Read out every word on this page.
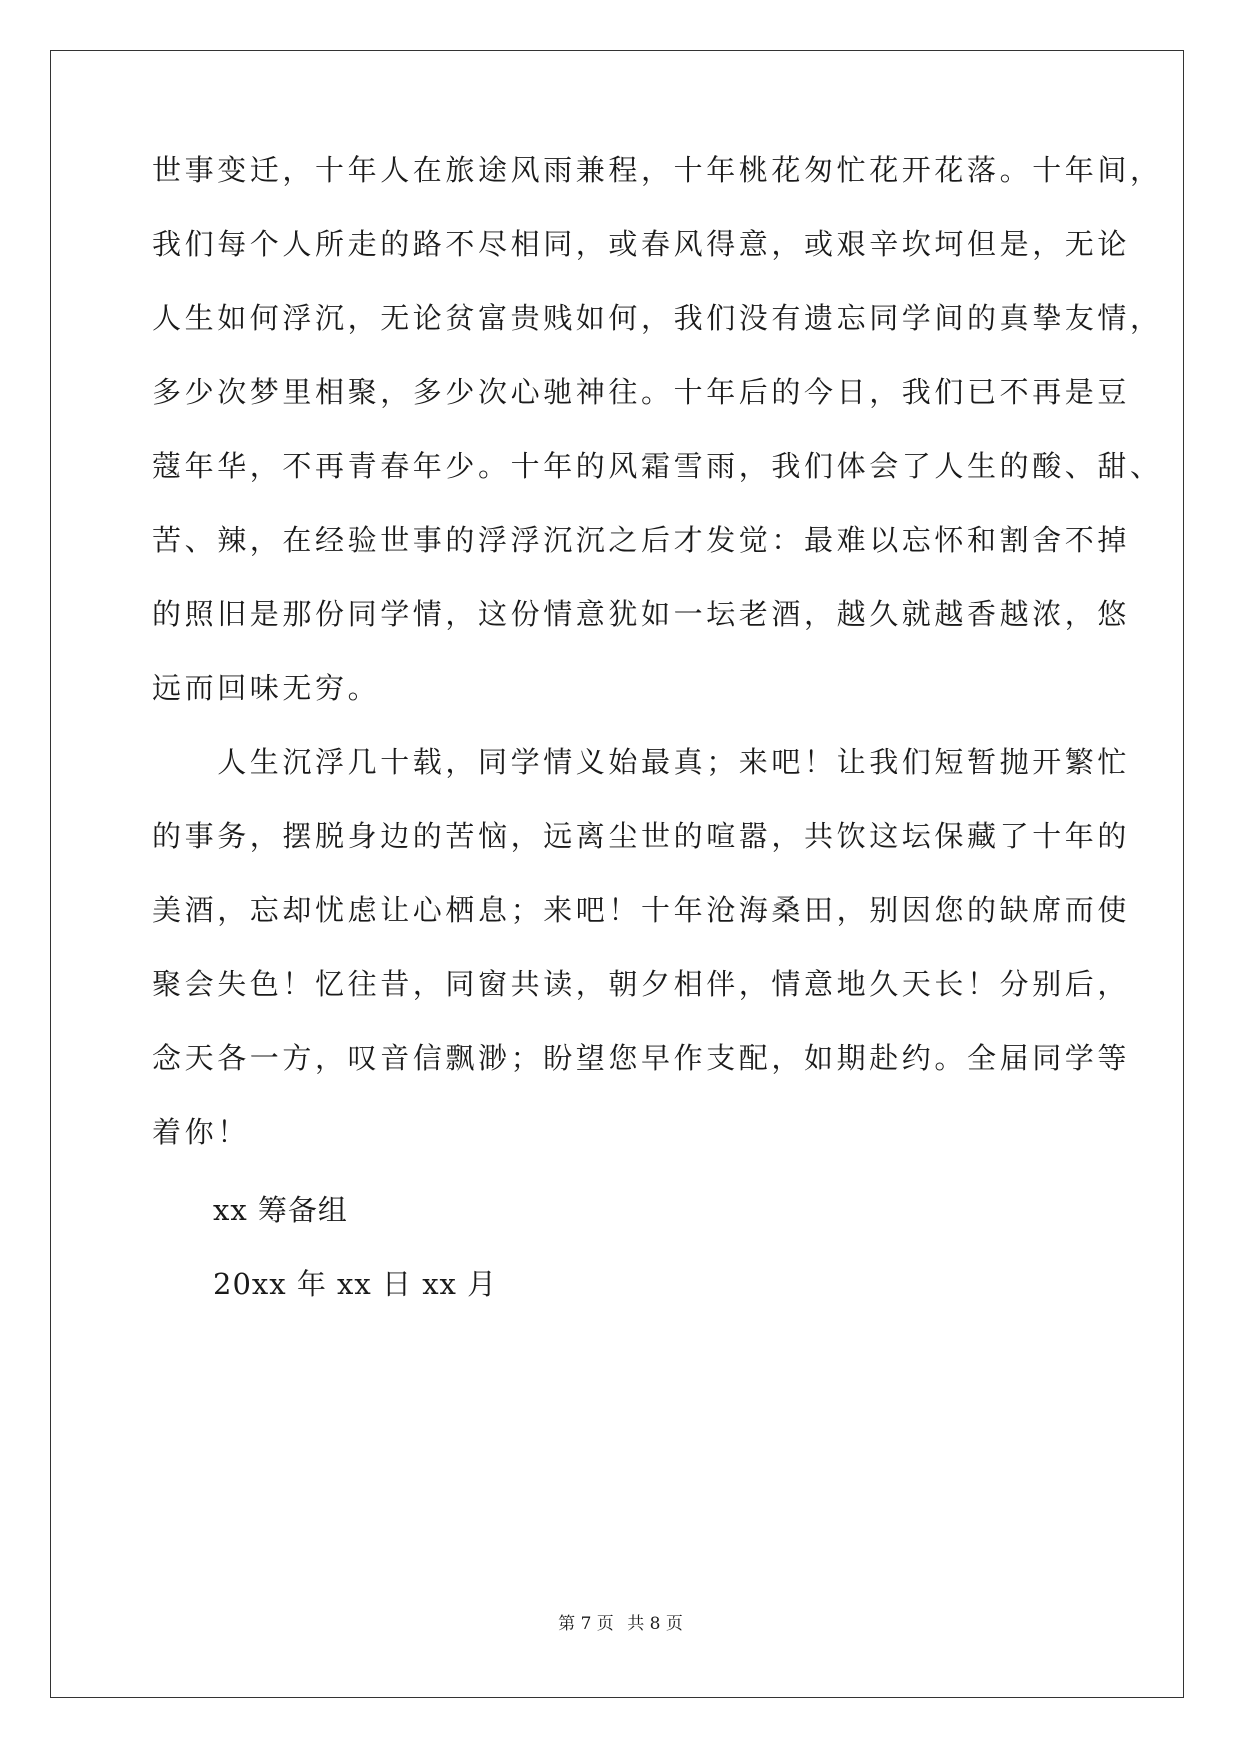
世事变迁，十年人在旅途风雨兼程，十年桃花匆忙花开花落。十年间，
我们每个人所走的路不尽相同，或春风得意，或艰辛坎坷但是，无论
人生如何浮沉，无论贫富贵贱如何，我们没有遗忘同学间的真挚友情，
多少次梦里相聚，多少次心驰神往。十年后的今日，我们已不再是豆
蔻年华，不再青春年少。十年的风霜雪雨，我们体会了人生的酸、甜、
苦、辣，在经验世事的浮浮沉沉之后才发觉：最难以忘怀和割舍不掉
的照旧是那份同学情，这份情意犹如一坛老酒，越久就越香越浓，悠
远而回味无穷。
　　人生沉浮几十载，同学情义始最真；来吧！让我们短暂抛开繁忙
的事务，摆脱身边的苦恼，远离尘世的喧嚣，共饮这坛保藏了十年的
美酒，忘却忧虑让心栖息；来吧！十年沧海桑田，别因您的缺席而使
聚会失色！忆往昔，同窗共读，朝夕相伴，情意地久天长！分别后，
念天各一方，叹音信飘渺；盼望您早作支配，如期赴约。全届同学等
着你！
xx 筹备组
20xx 年 xx 日 xx 月
第 7 页 共 8 页
